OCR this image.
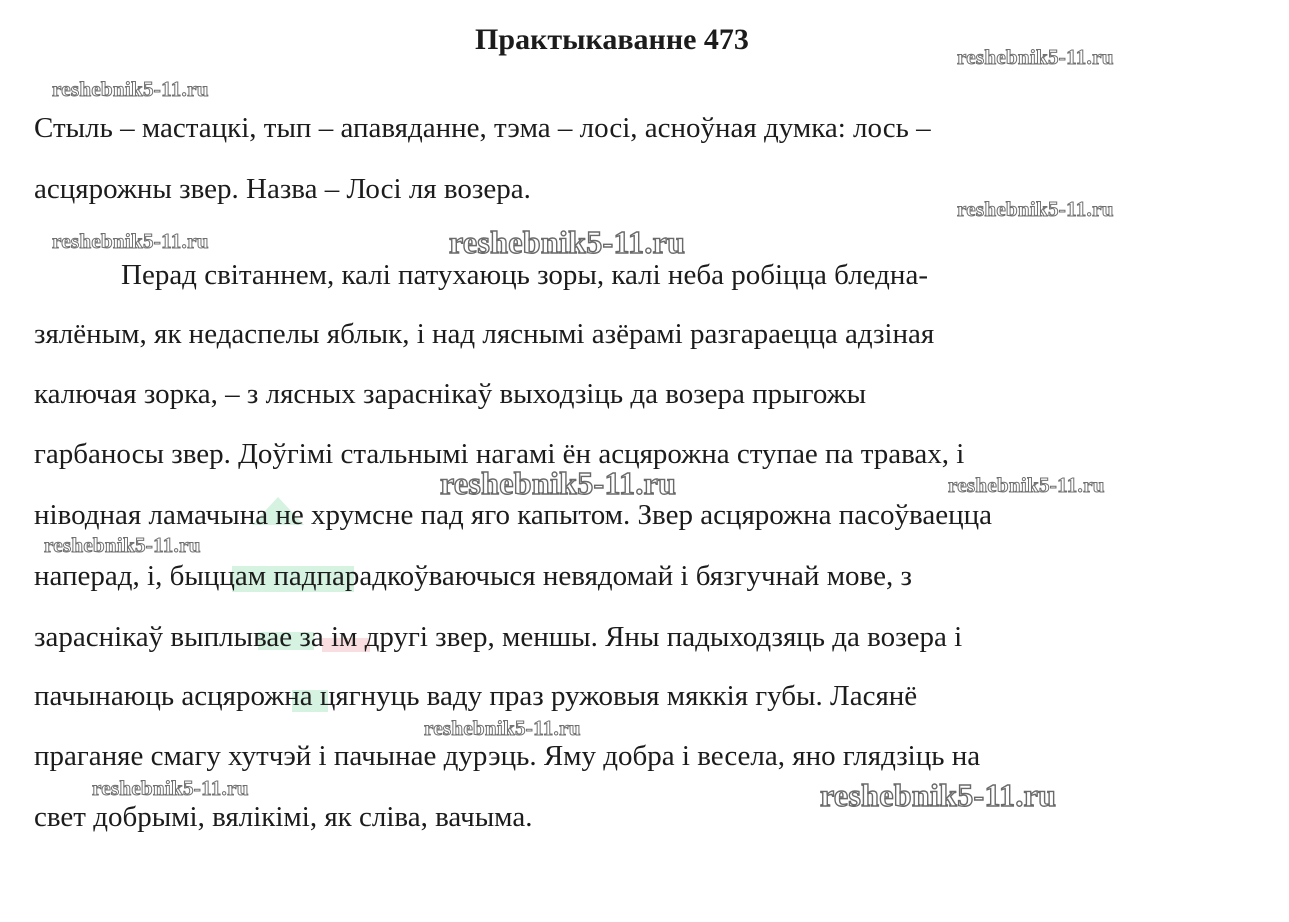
Практыкаванне 473
Стыль – мастацкі, тып – апавяданне, тэма – лосі, асноўная думка: лось –
асцярожны звер. Назва – Лосі ля возера.
Перад світаннем, калі патухаюць зоры, калі неба робіцца бледна-
зялёным, як недаспелы яблык, і над ляснымі азёрамі разгараецца адзіная
калючая зорка, – з лясных зараснікаў выходзіць да возера прыгожы
гарбаносы звер. Доўгімі стальнымі нагамі ён асцярожна ступае па травах, і
ніводная ламачына не хрумсне пад яго капытом. Звер асцярожна пасоўваецца
наперад, і, быццам падпарадкоўваючыся невядомай і бязгучнай мове, з
зараснікаў выплывае за ім другі звер, меншы. Яны падыходзяць да возера і
пачынаюць асцярожна цягнуць ваду праз ружовыя мяккія губы. Ласянё
праганяе смагу хутчэй і пачынае дурэць. Яму добра і весела, яно глядзіць на
свет добрымі, вялікімі, як сліва, вачыма.
reshebnik5-11.ru
reshebnik5-11.ru
reshebnik5-11.ru
reshebnik5-11.ru	reshebnik5-11.ru
reshebnik5-11.ru	reshebnik5-11.ru
reshebnik5-11.ru
reshebnik5-11.ru
reshebnik5-11.ru	reshebnik5-11.ru
